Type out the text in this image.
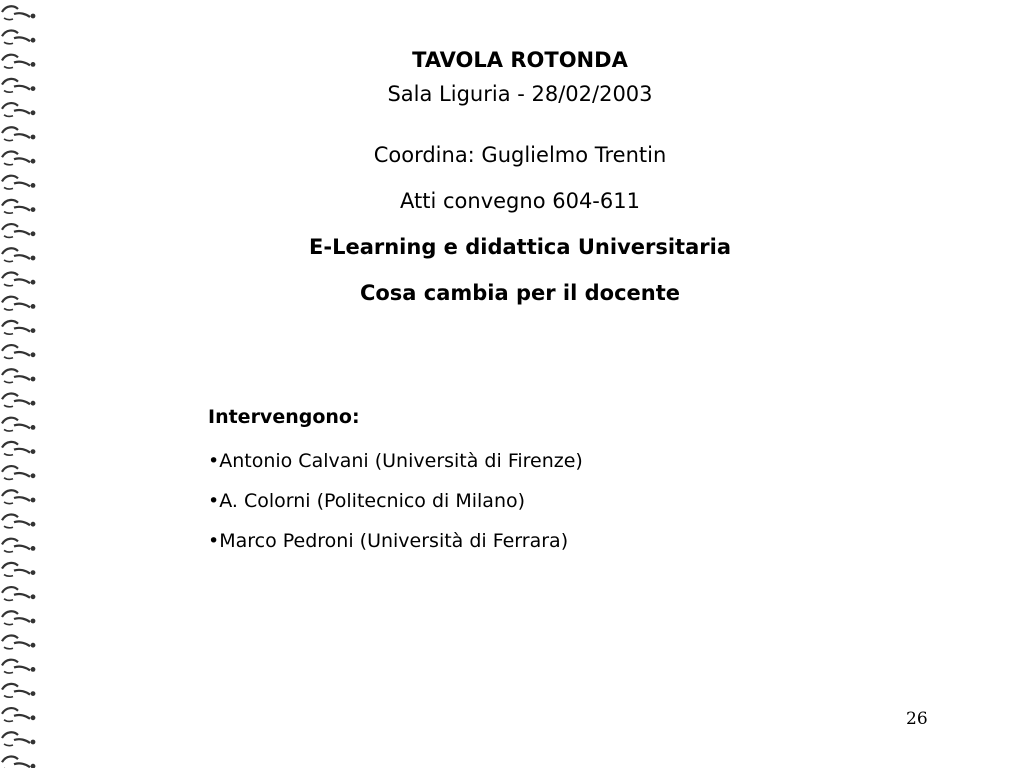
TAVOLA ROTONDA
Sala Liguria - 28/02/2003
Coordina: Guglielmo Trentin
Atti convegno 604-611
E-Learning e didattica Universitaria
Cosa cambia per il docente
Intervengono:
•Antonio Calvani (Università di Firenze)
•A. Colorni (Politecnico di Milano)
•Marco Pedroni (Università di Ferrara)
26
